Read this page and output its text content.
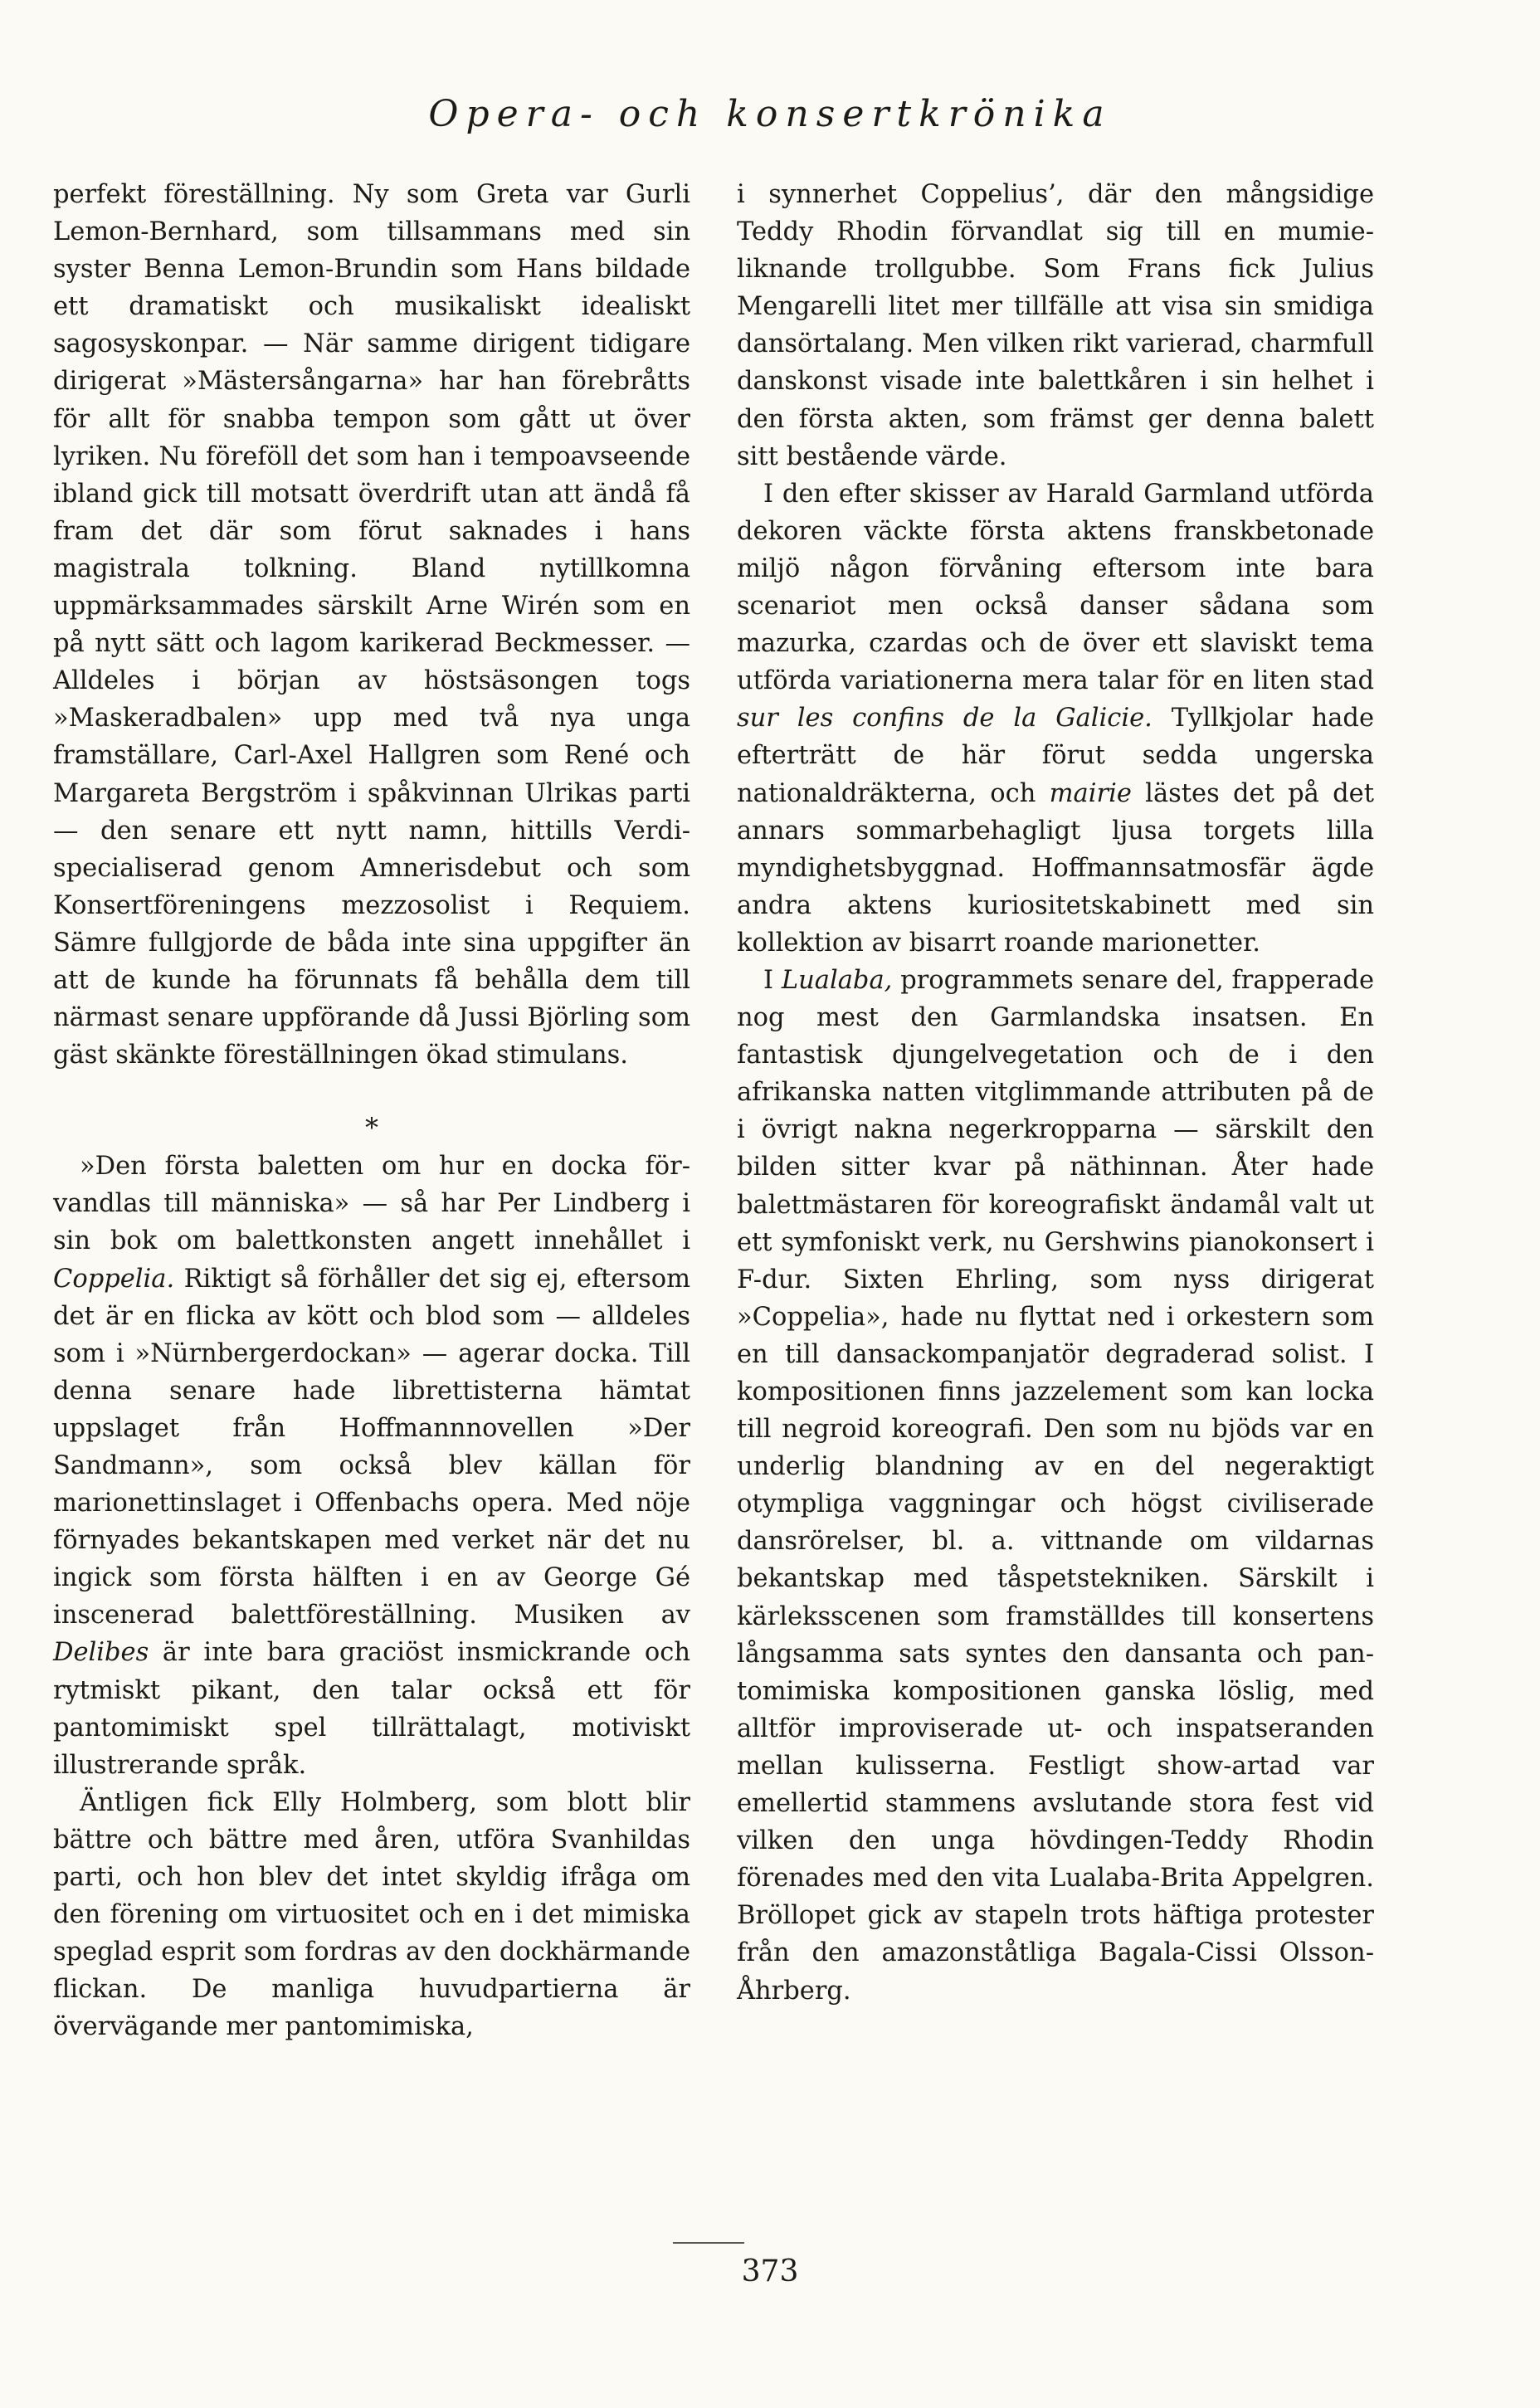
Opera- och konsertkrönika

perfekt föreställning. Ny som Greta var Gurli Lemon-Bernhard, som tillsammans med sin syster Benna Lemon-Brundin som Hans bildade ett dramatiskt och musikaliskt idealiskt sagosyskonpar. — När samme dirigent tidigare dirigerat »Mästersångarna» har han förebråtts för allt för snabba tempon som gått ut över lyriken. Nu föreföll det som han i tempoavseende ibland gick till motsatt överdrift utan att ändå få fram det där som förut saknades i hans magistrala tolkning. Bland nytillkomna uppmärksammades särskilt Arne Wirén som en på nytt sätt och lagom karikerad Beckmesser. — Alldeles i början av höstsäsongen togs »Maskeradbalen» upp med två nya unga framställare, Carl-Axel Hallgren som René och Margareta Bergström i spåkvinnan Ulrikas parti — den senare ett nytt namn, hittills Verdi-specialiserad genom Amnerisdebut och som Konsertföreningens mezzosolist i Requiem. Sämre fullgjorde de båda inte sina uppgifter än att de kunde ha förunnats få behålla dem till närmast senare uppförande då Jussi Björling som gäst skänkte föreställningen ökad stimulans.

»Den första baletten om hur en docka förvandlas till människa» — så har Per Lindberg i sin bok om balettkonsten angett innehållet i Coppelia. Riktigt så förhåller det sig ej, eftersom det är en flicka av kött och blod som — alldeles som i »Nürnbergerdockan» — agerar docka. Till denna senare hade librettisterna hämtat uppslaget från Hoffmannnovellen »Der Sandmann», som också blev källan för marionettinslaget i Offenbachs opera. Med nöje förnyades bekantskapen med verket när det nu ingick som första hälften i en av George Gé inscenerad balettföreställning. Musiken av Delibes är inte bara graciöst insmickrande och rytmiskt pikant, den talar också ett för pantomimiskt spel tillrättalagt, motiviskt illustrerande språk.

Äntligen fick Elly Holmberg, som blott blir bättre och bättre med åren, utföra Svanhildas parti, och hon blev det intet skyldig ifråga om den förening om virtuositet och en i det mimiska speglad esprit som fordras av den dockhärmande flickan. De manliga huvudpartierna är övervägande mer pantomimiska,

*

i synnerhet Coppelius’, där den mångsidige Teddy Rhodin förvandlat sig till en mumieliknande trollgubbe. Som Frans fick Julius Mengarelli litet mer tillfälle att visa sin smidiga dansörtalang. Men vilken rikt varierad, charmfull danskonst visade inte balettkåren i sin helhet i den första akten, som främst ger denna balett sitt bestående värde.

I den efter skisser av Harald Garmland utförda dekoren väckte första aktens franskbetonade miljö någon förvåning eftersom inte bara scenariot men också danser sådana som mazurka, czardas och de över ett slaviskt tema utförda variationerna mera talar för en liten stad sur les confins de la Galicie. Tyllkjolar hade efterträtt de här förut sedda ungerska nationaldräkterna, och mairie lästes det på det annars sommarbehagligt ljusa torgets lilla myndighetsbyggnad. Hoffmannsatmosfär ägde andra aktens kuriositetskabinett med sin kollektion av bisarrt roande marionetter.

I Lualaba, programmets senare del, frapperade nog mest den Garmlandska insatsen. En fantastisk djungelvegetation och de i den afrikanska natten vitglimmande attributen på de i övrigt nakna negerkropparna — särskilt den bilden sitter kvar på näthinnan. Åter hade balettmästaren för koreografiskt ändamål valt ut ett symfoniskt verk, nu Gershwins pianokonsert i F-dur. Sixten Ehrling, som nyss dirigerat »Coppelia», hade nu flyttat ned i orkestern som en till dansackompanjatör degraderad solist. I kompositionen finns jazzelement som kan locka till negroid koreografi. Den som nu bjöds var en underlig blandning av en del negeraktigt otympliga vaggningar och högst civiliserade dansrörelser, bl. a. vittnande om vildarnas bekantskap med tåspetstekniken. Särskilt i kärleksscenen som framställdes till konsertens långsamma sats syntes den dansanta och pantomimiska kompositionen ganska löslig, med alltför improviserade ut- och inspatseranden mellan kulisserna. Festligt show-artad var emellertid stammens avslutande stora fest vid vilken den unga hövdingen-Teddy Rhodin förenades med den vita Lualaba-Brita Appelgren. Bröllopet gick av stapeln trots häftiga protester från den amazonståtliga Bagala-Cissi Olsson-Åhrberg.

373
